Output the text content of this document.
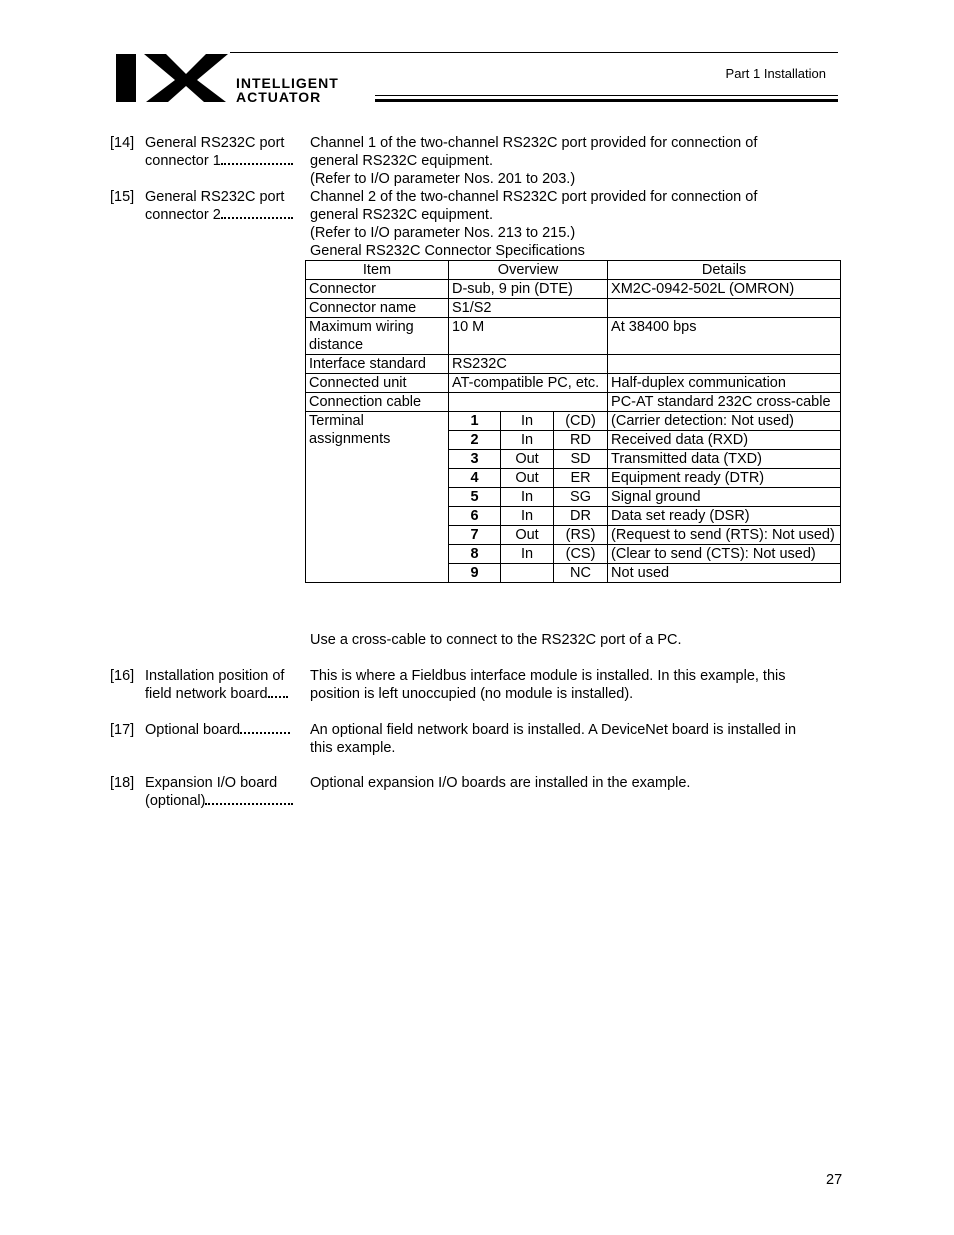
INTELLIGENT
ACTUATOR
Part 1 Installation
[14] General RS232C port
connector 1
Channel 1 of the two-channel RS232C port provided for connection of
general RS232C equipment.
(Refer to I/O parameter Nos. 201 to 203.)
[15] General RS232C port
connector 2
Channel 2 of the two-channel RS232C port provided for connection of
general RS232C equipment.
(Refer to I/O parameter Nos. 213 to 215.)
General RS232C Connector Specifications
Item	Overview			Details
Connector	D-sub, 9 pin (DTE)			XM2C-0942-502L (OMRON)
Connector name	S1/S2			
Maximum wiring distance	10 M			At 38400 bps
Interface standard	RS232C			
Connected unit	AT-compatible PC, etc.			Half-duplex communication
Connection cable				PC-AT standard 232C cross-cable
Terminal assignments	1	In	(CD)	(Carrier detection: Not used)
	2	In	RD	Received data (RXD)
	3	Out	SD	Transmitted data (TXD)
	4	Out	ER	Equipment ready (DTR)
	5	In	SG	Signal ground
	6	In	DR	Data set ready (DSR)
	7	Out	(RS)	(Request to send (RTS): Not used)
	8	In	(CS)	(Clear to send (CTS): Not used)
	9		NC	Not used
Use a cross-cable to connect to the RS232C port of a PC.
[16] Installation position of
field network board
This is where a Fieldbus interface module is installed. In this example, this
position is left unoccupied (no module is installed).
[17] Optional board	An optional field network board is installed. A DeviceNet board is installed in
this example.
[18] Expansion I/O board
(optional)
Optional expansion I/O boards are installed in the example.
27
